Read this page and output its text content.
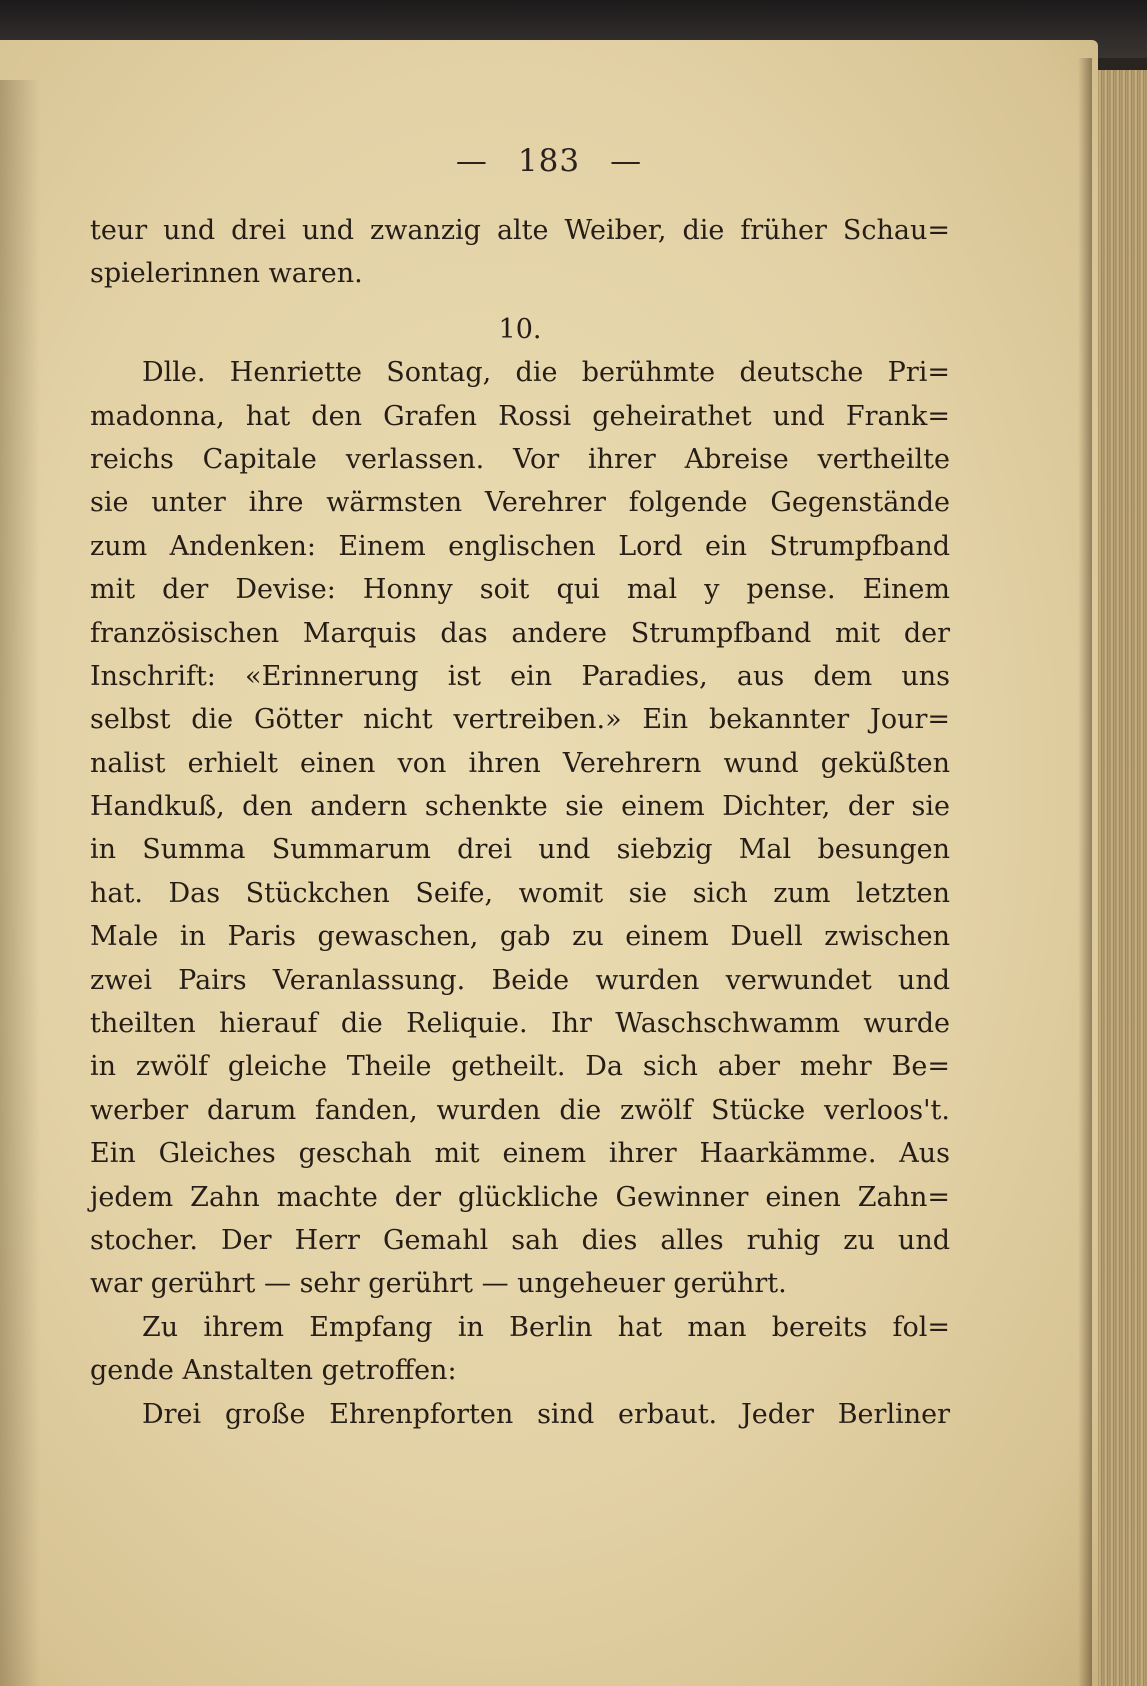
— 183 —
teur und drei und zwanzig alte Weiber, die früher Schau=
spielerinnen waren.
10.
Dlle. Henriette Sontag, die berühmte deutsche Pri=
madonna, hat den Grafen Rossi geheirathet und Frank=
reichs Capitale verlassen. Vor ihrer Abreise vertheilte
sie unter ihre wärmsten Verehrer folgende Gegenstände
zum Andenken: Einem englischen Lord ein Strumpfband
mit der Devise: Honny soit qui mal y pense. Einem
französischen Marquis das andere Strumpfband mit der
Inschrift: «Erinnerung ist ein Paradies, aus dem uns
selbst die Götter nicht vertreiben.» Ein bekannter Jour=
nalist erhielt einen von ihren Verehrern wund geküßten
Handkuß, den andern schenkte sie einem Dichter, der sie
in Summa Summarum drei und siebzig Mal besungen
hat. Das Stückchen Seife, womit sie sich zum letzten
Male in Paris gewaschen, gab zu einem Duell zwischen
zwei Pairs Veranlassung. Beide wurden verwundet und
theilten hierauf die Reliquie. Ihr Waschschwamm wurde
in zwölf gleiche Theile getheilt. Da sich aber mehr Be=
werber darum fanden, wurden die zwölf Stücke verloos't.
Ein Gleiches geschah mit einem ihrer Haarkämme. Aus
jedem Zahn machte der glückliche Gewinner einen Zahn=
stocher. Der Herr Gemahl sah dies alles ruhig zu und
war gerührt — sehr gerührt — ungeheuer gerührt.
Zu ihrem Empfang in Berlin hat man bereits fol=
gende Anstalten getroffen:
Drei große Ehrenpforten sind erbaut. Jeder Berliner
